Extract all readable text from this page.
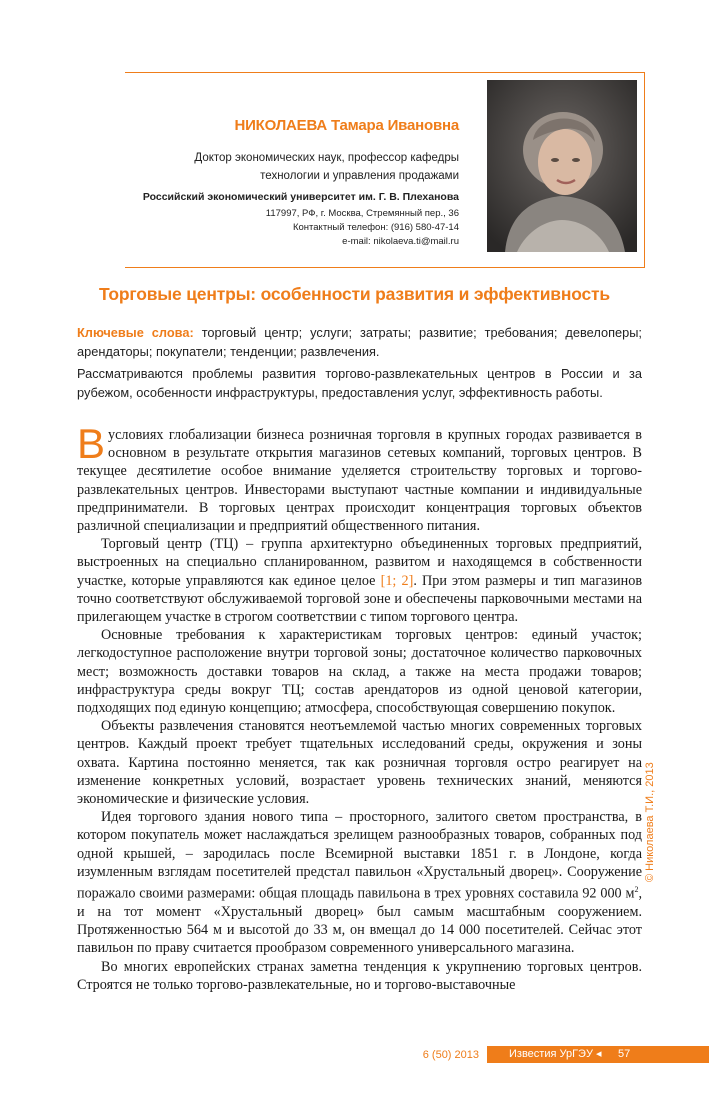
НИКОЛАЕВА Тамара Ивановна
Доктор экономических наук, профессор кафедры
технологии и управления продажами
Российский экономический университет им. Г. В. Плеханова
117997, РФ, г. Москва, Стремянный пер., 36
Контактный телефон: (916) 580-47-14
e-mail: nikolaeva.ti@mail.ru
Торговые центры: особенности развития и эффективность
Ключевые слова: торговый центр; услуги; затраты; развитие; требования; девелоперы; арендаторы; покупатели; тенденции; развлечения.
Рассматриваются проблемы развития торгово-развлекательных центров в России и за рубежом, особенности инфраструктуры, предоставления услуг, эффективность работы.

Вусловиях глобализации бизнеса розничная торговля в крупных городах развивается в основном в результате открытия магазинов сетевых компаний, торговых центров. В текущее десятилетие особое внимание уделяется строительству торговых и торгово-развлекательных центров. Инвесторами выступают частные компании и индивидуальные предприниматели. В торговых центрах происходит концентрация торговых объектов различной специализации и предприятий общественного питания.

Торговый центр (ТЦ) – группа архитектурно объединенных торговых предприятий, выстроенных на специально спланированном, развитом и находящемся в собственности участке, которые управляются как единое целое [1; 2]. При этом размеры и тип магазинов точно соответствуют обслуживаемой торговой зоне и обеспечены парковочными местами на прилегающем участке в строгом соответствии с типом торгового центра.

Основные требования к характеристикам торговых центров: единый участок; легкодоступное расположение внутри торговой зоны; достаточное количество парковочных мест; возможность доставки товаров на склад, а также на места продажи товаров; инфраструктура среды вокруг ТЦ; состав арендаторов из одной ценовой категории, подходящих под единую концепцию; атмосфера, способствующая совершению покупок.

Объекты развлечения становятся неотъемлемой частью многих современных торговых центров. Каждый проект требует тщательных исследований среды, окружения и зоны охвата. Картина постоянно меняется, так как розничная торговля остро реагирует на изменение конкретных условий, возрастает уровень технических знаний, меняются экономические и физические условия.

Идея торгового здания нового типа – просторного, залитого светом пространства, в котором покупатель может наслаждаться зрелищем разнообразных товаров, собранных под одной крышей, – зародилась после Всемирной выставки 1851 г. в Лондоне, когда изумленным взглядам посетителей предстал павильон «Хрустальный дворец». Сооружение поражало своими размерами: общая площадь павильона в трех уровнях составила 92 000 $м^2$, и на тот момент «Хрустальный дворец» был самым масштабным сооружением. Протяженностью 564 м и высотой до 33 м, он вмещал до 14 000 посетителей. Сейчас этот павильон по праву считается прообразом современного универсального магазина.

Во многих европейских странах заметна тенденция к укрупнению торговых центров. Строятся не только торгово-развлекательные, но и торгово-выставочные

© Николаева Т.И., 2013
6 (50) 2013	Известия УрГЭУ ◂ 57
